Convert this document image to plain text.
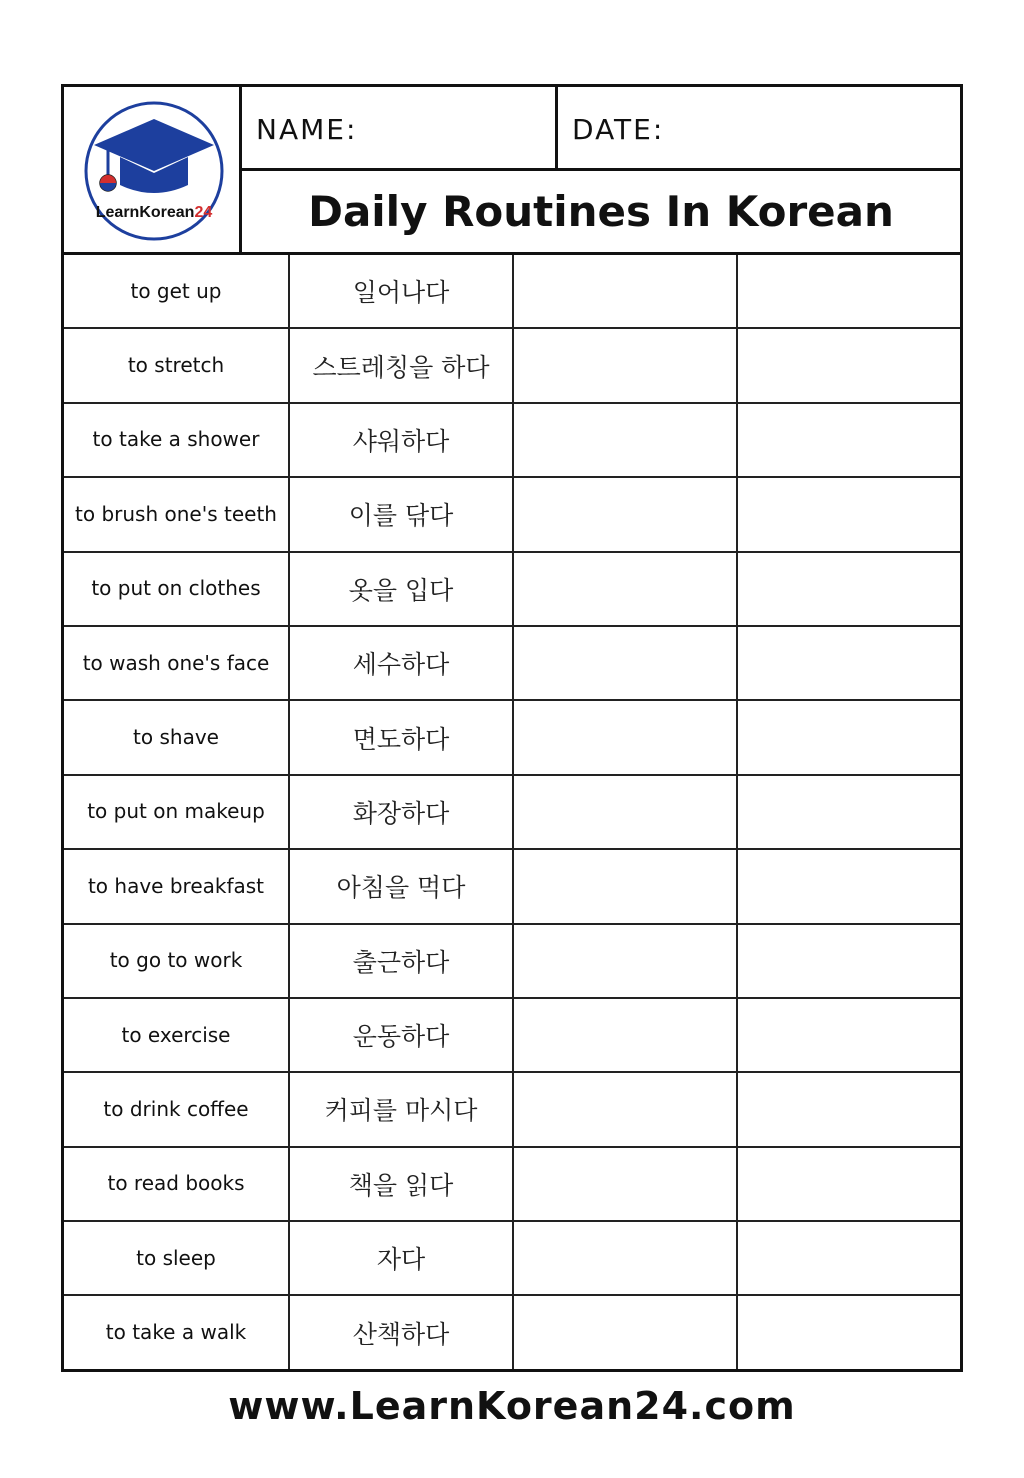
LearnKorean24
NAME:	DATE:
Daily Routines In Korean
to get up	일어나다		
to stretch	스트레칭을 하다		
to take a shower	샤워하다		
to brush one's teeth	이를 닦다		
to put on clothes	옷을 입다		
to wash one's face	세수하다		
to shave	면도하다		
to put on makeup	화장하다		
to have breakfast	아침을 먹다		
to go to work	출근하다		
to exercise	운동하다		
to drink coffee	커피를 마시다		
to read books	책을 읽다		
to sleep	자다		
to take a walk	산책하다		
www.LearnKorean24.com
